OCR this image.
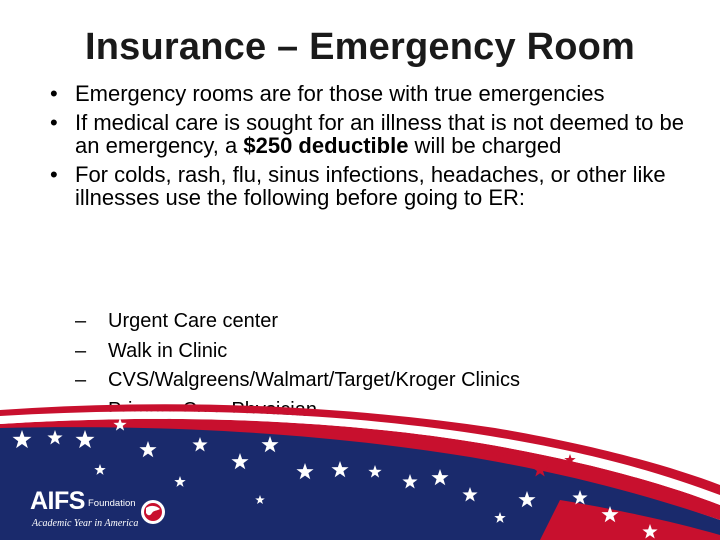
Insurance – Emergency Room
• Emergency rooms are for those with true emergencies
• If medical care is sought for an illness that is not deemed to be an emergency, a $250 deductible will be charged
• For colds, rash, flu, sinus infections, headaches, or other like illnesses use the following before going to ER:
– Urgent Care center
– Walk in Clinic
– CVS/Walgreens/Walmart/Target/Kroger Clinics
AIFS Foundation
Academic Year in America
